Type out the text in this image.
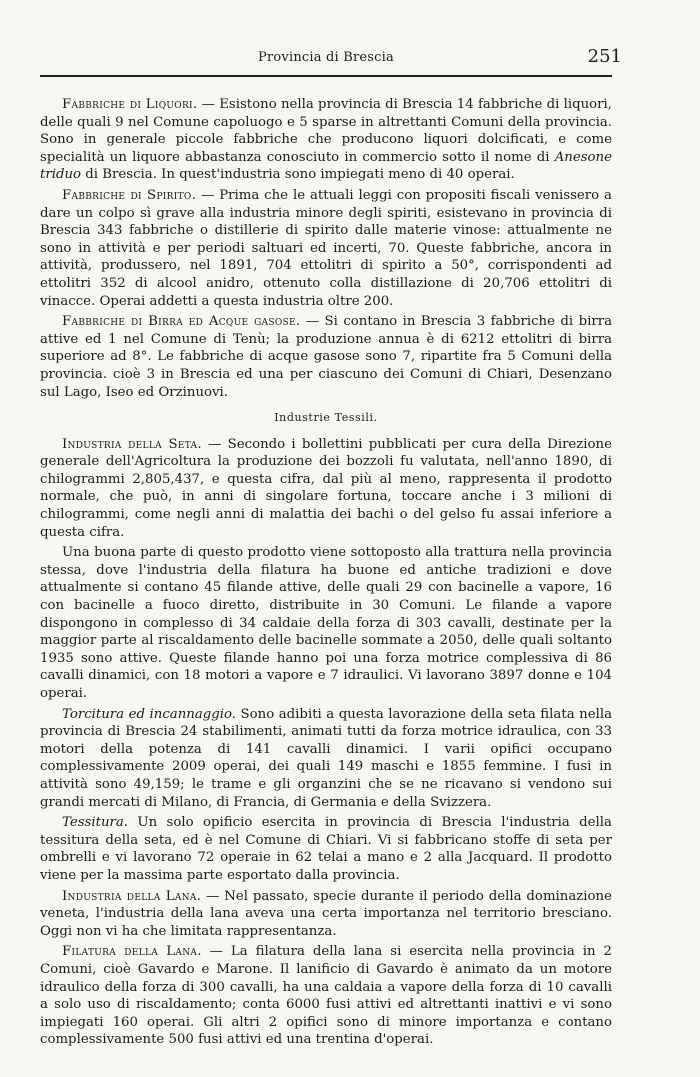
Provincia di Brescia	251

Fabbriche di Liquori. — Esistono nella provincia di Brescia 14 fabbriche di liquori, delle quali 9 nel Comune capoluogo e 5 sparse in altrettanti Comuni della provincia. Sono in generale piccole fabbriche che producono liquori dolcificati, e come specialità un liquore abbastanza conosciuto in commercio sotto il nome di Anesone triduo di Brescia. In quest'industria sono impiegati meno di 40 operai.

Fabbriche di Spirito. — Prima che le attuali leggi con propositi fiscali venissero a dare un colpo sì grave alla industria minore degli spiriti, esistevano in provincia di Brescia 343 fabbriche o distillerie di spirito dalle materie vinose: attualmente ne sono in attività e per periodi saltuari ed incerti, 70. Queste fabbriche, ancora in attività, produssero, nel 1891, 704 ettolitri di spirito a 50°, corrispondenti ad ettolitri 352 di alcool anidro, ottenuto colla distillazione di 20,706 ettolitri di vinacce. Operai addetti a questa industria oltre 200.

Fabbriche di Birra ed Acque gasose. — Si contano in Brescia 3 fabbriche di birra attive ed 1 nel Comune di Tenù; la produzione annua è di 6212 ettolitri di birra superiore ad 8°. Le fabbriche di acque gasose sono 7, ripartite fra 5 Comuni della provincia. cioè 3 in Brescia ed una per ciascuno dei Comuni di Chiari, Desenzano sul Lago, Iseo ed Orzinuovi.

Industrie Tessili.

Industria della Seta. — Secondo i bollettini pubblicati per cura della Direzione generale dell'Agricoltura la produzione dei bozzoli fu valutata, nell'anno 1890, di chilogrammi 2,805,437, e questa cifra, dal più al meno, rappresenta il prodotto normale, che può, in anni di singolare fortuna, toccare anche i 3 milioni di chilogrammi, come negli anni di malattia dei bachi o del gelso fu assai inferiore a questa cifra.

Una buona parte di questo prodotto viene sottoposto alla trattura nella provincia stessa, dove l'industria della filatura ha buone ed antiche tradizioni e dove attualmente si contano 45 filande attive, delle quali 29 con bacinelle a vapore, 16 con bacinelle a fuoco diretto, distribuite in 30 Comuni. Le filande a vapore dispongono in complesso di 34 caldaie della forza di 303 cavalli, destinate per la maggior parte al riscaldamento delle bacinelle sommate a 2050, delle quali soltanto 1935 sono attive. Queste filande hanno poi una forza motrice complessiva di 86 cavalli dinamici, con 18 motori a vapore e 7 idraulici. Vi lavorano 3897 donne e 104 operai.

Torcitura ed incannaggio. Sono adibiti a questa lavorazione della seta filata nella provincia di Brescia 24 stabilimenti, animati tutti da forza motrice idraulica, con 33 motori della potenza di 141 cavalli dinamici. I varii opifici occupano complessivamente 2009 operai, dei quali 149 maschi e 1855 femmine. I fusi in attività sono 49,159; le trame e gli organzini che se ne ricavano si vendono sui grandi mercati di Milano, di Francia, di Germania e della Svizzera.

Tessitura. Un solo opificio esercita in provincia di Brescia l'industria della tessitura della seta, ed è nel Comune di Chiari. Vi si fabbricano stoffe di seta per ombrelli e vi lavorano 72 operaie in 62 telai a mano e 2 alla Jacquard. Il prodotto viene per la massima parte esportato dalla provincia.

Industria della Lana. — Nel passato, specie durante il periodo della dominazione veneta, l'industria della lana aveva una certa importanza nel territorio bresciano. Oggi non vi ha che limitata rappresentanza.

Filatura della Lana. — La filatura della lana si esercita nella provincia in 2 Comuni, cioè Gavardo e Marone. Il lanificio di Gavardo è animato da un motore idraulico della forza di 300 cavalli, ha una caldaia a vapore della forza di 10 cavalli a solo uso di riscaldamento; conta 6000 fusi attivi ed altrettanti inattivi e vi sono impiegati 160 operai. Gli altri 2 opifici sono di minore importanza e contano complessivamente 500 fusi attivi ed una trentina d'operai.
